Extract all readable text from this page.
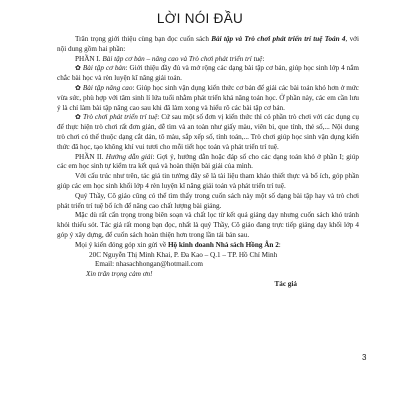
LỜI NÓI ĐẦU

Trân trọng giới thiệu cùng bạn đọc cuốn sách Bài tập và Trò chơi phát triển trí tuệ Toán 4, với nội dung gồm hai phần:

PHẦN I. Bài tập cơ bản – nâng cao và Trò chơi phát triển trí tuệ:

✿ Bài tập cơ bản: Giới thiệu đầy đủ và mở rộng các dạng bài tập cơ bản, giúp học sinh lớp 4 nắm chắc bài học và rèn luyện kĩ năng giải toán.

✿ Bài tập nâng cao: Giúp học sinh vận dụng kiến thức cơ bản để giải các bài toán khó hơn ở mức vừa sức, phù hợp với tâm sinh lí lứa tuổi nhằm phát triển khả năng toán học. Ở phần này, các em cần lưu ý là chỉ làm bài tập nâng cao sau khi đã làm xong và hiểu rõ các bài tập cơ bản.

✿ Trò chơi phát triển trí tuệ: Cứ sau một số đơn vị kiến thức thì có phần trò chơi với các dụng cụ để thực hiện trò chơi rất đơn giản, dễ tìm và an toàn như giấy màu, viên bi, que tính, thẻ số,... Nội dung trò chơi có thể thuộc dạng cắt dán, tô màu, sắp xếp số, tính toán,... Trò chơi giúp học sinh vận dụng kiến thức đã học, tạo không khí vui tươi cho mỗi tiết học toán và phát triển trí tuệ.

PHẦN II. Hướng dẫn giải: Gợi ý, hướng dẫn hoặc đáp số cho các dạng toán khó ở phần I; giúp các em học sinh tự kiểm tra kết quả và hoàn thiện bài giải của mình.

Với cấu trúc như trên, tác giả tin tưởng đây sẽ là tài liệu tham khảo thiết thực và bổ ích, góp phần giúp các em học sinh khối lớp 4 rèn luyện kĩ năng giải toán và phát triển trí tuệ.

Quý Thầy, Cô giáo cũng có thể tìm thấy trong cuốn sách này một số dạng bài tập hay và trò chơi phát triển trí tuệ bổ ích để nâng cao chất lượng bài giảng.

Mặc dù rất cẩn trọng trong biên soạn và chất lọc từ kết quả giảng dạy nhưng cuốn sách khó tránh khỏi thiếu sót. Tác giả rất mong bạn đọc, nhất là quý Thầy, Cô giáo đang trực tiếp giảng dạy khối lớp 4 góp ý xây dựng, để cuốn sách hoàn thiện hơn trong lần tái bản sau.

Mọi ý kiến đóng góp xin gửi về Hộ kinh doanh Nhà sách Hồng Ân 2:

20C Nguyễn Thị Minh Khai, P. Đa Kao – Q.1 – TP. Hồ Chí Minh

Email: nhasachhongan@hotmail.com

Xin trân trọng cảm ơn!

Tác giả

3
